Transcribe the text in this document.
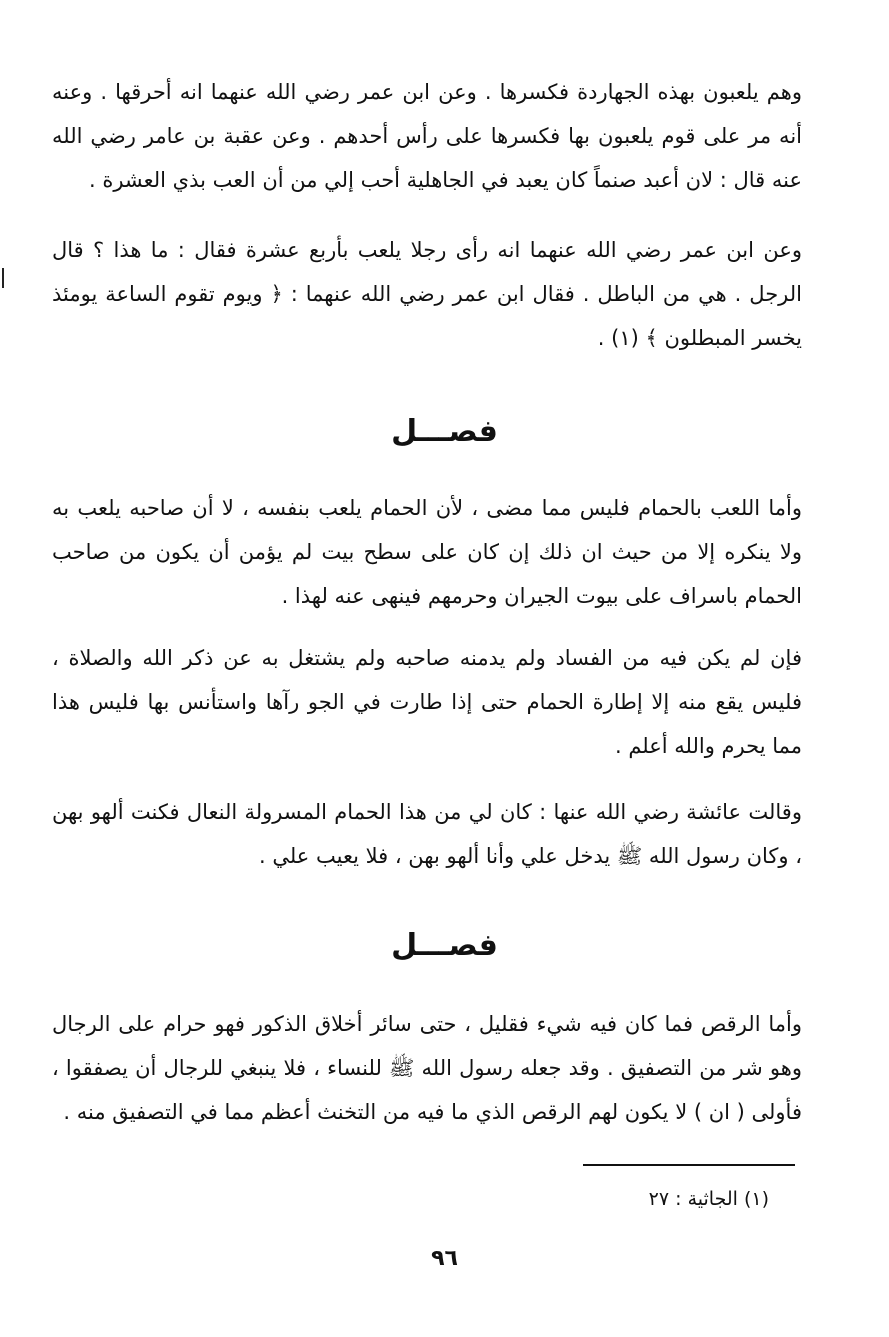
وهم يلعبون بهذه الجهاردة فكسرها . وعن ابن عمر رضي الله عنهما انه أحرقها . وعنه أنه مر على قوم يلعبون بها فكسرها على رأس أحدهم . وعن عقبة بن عامر رضي الله عنه قال : لان أعبد صنماً كان يعبد في الجاهلية أحب إلي من أن العب بذي العشرة .

وعن ابن عمر رضي الله عنهما انه رأى رجلا يلعب بأربع عشرة فقال : ما هذا ؟ قال الرجل . هي من الباطل . فقال ابن عمر رضي الله عنهما : ﴿ ويوم تقوم الساعة يومئذ يخسر المبطلون ﴾ (١) .

فصـــل

وأما اللعب بالحمام فليس مما مضى ، لأن الحمام يلعب بنفسه ، لا أن صاحبه يلعب به ولا ينكره إلا من حيث ان ذلك إن كان على سطح بيت لم يؤمن أن يكون من صاحب الحمام باسراف على بيوت الجيران وحرمهم فينهى عنه لهذا .

فإن لم يكن فيه من الفساد ولم يدمنه صاحبه ولم يشتغل به عن ذكر الله والصلاة ، فليس يقع منه إلا إطارة الحمام حتى إذا طارت في الجو رآها واستأنس بها فليس هذا مما يحرم والله أعلم .

وقالت عائشة رضي الله عنها : كان لي من هذا الحمام المسرولة النعال فكنت ألهو بهن ، وكان رسول الله ﷺ يدخل علي وأنا ألهو بهن ، فلا يعيب علي .

فصـــل

وأما الرقص فما كان فيه شيء فقليل ، حتى سائر أخلاق الذكور فهو حرام على الرجال وهو شر من التصفيق . وقد جعله رسول الله ﷺ للنساء ، فلا ينبغي للرجال أن يصفقوا ، فأولى ( ان ) لا يكون لهم الرقص الذي ما فيه من التخنث أعظم مما في التصفيق منه .

(١) الجاثية : ٢٧
٩٦
